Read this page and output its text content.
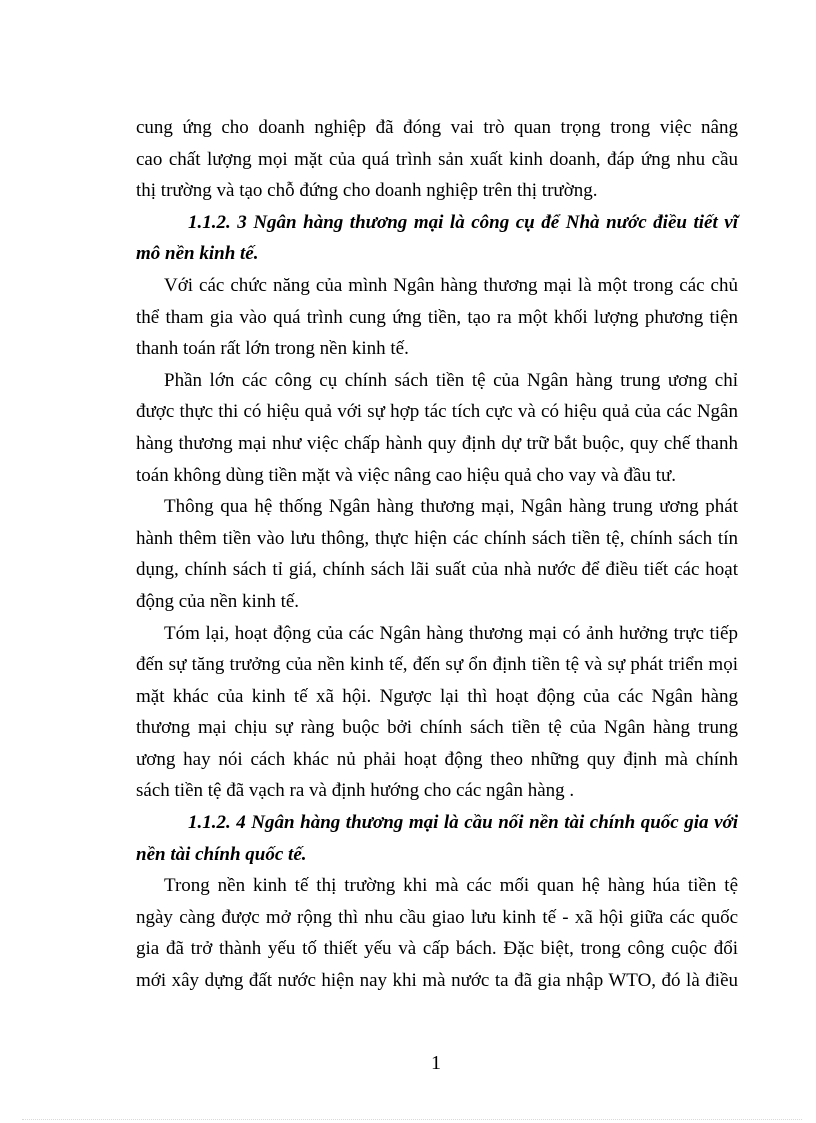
cung ứng cho doanh nghiệp đã đóng vai trò quan trọng trong việc nâng
cao chất lượng mọi mặt của quá trình sản xuất kinh doanh, đáp ứng nhu cầu
thị trường và tạo chỗ đứng cho doanh nghiệp trên thị trường.
1.1.2. 3 Ngân hàng thương mại là công cụ để Nhà nước điều tiết vĩ
mô nền kinh tế.
Với các chức năng của mình Ngân hàng thương mại là một trong các chủ
thể tham gia vào quá trình cung ứng tiền, tạo ra một khối lượng phương tiện
thanh toán rất lớn trong nền kinh tế.
Phần lớn các công cụ chính sách tiền tệ của Ngân hàng trung ương chỉ
được thực thi có hiệu quả với sự hợp tác tích cực và có hiệu quả của các Ngân
hàng thương mại như việc chấp hành quy định dự trữ bắt buộc, quy chế thanh
toán không dùng tiền mặt và việc nâng cao hiệu quả cho vay và đầu tư.
Thông qua hệ thống Ngân hàng thương mại, Ngân hàng trung ương phát
hành thêm tiền vào lưu thông, thực hiện các chính sách tiền tệ, chính sách tín
dụng, chính sách tỉ giá, chính sách lãi suất của nhà nước để điều tiết các hoạt
động của nền kinh tế.
Tóm lại, hoạt động của các Ngân hàng thương mại có ảnh hưởng trực tiếp
đến sự tăng trưởng của nền kinh tế, đến sự ổn định tiền tệ và sự phát triển mọi
mặt khác của kinh tế xã hội. Ngược lại thì hoạt động của các Ngân hàng
thương mại chịu sự ràng buộc bởi chính sách tiền tệ của Ngân hàng trung
ương hay nói cách khác nủ phải hoạt động theo những quy định mà chính
sách tiền tệ đã vạch ra và định hướng cho các ngân hàng .
1.1.2. 4 Ngân hàng thương mại là cầu nối nền tài chính quốc gia với
nền tài chính quốc tế.
Trong nền kinh tế thị trường khi mà các mối quan hệ hàng húa tiền tệ
ngày càng được mở rộng thì nhu cầu giao lưu kinh tế - xã hội giữa các quốc
gia đã trở thành yếu tố thiết yếu và cấp bách. Đặc biệt, trong công cuộc đổi
mới xây dựng đất nước hiện nay khi mà nước ta đã gia nhập WTO, đó là điều
1
